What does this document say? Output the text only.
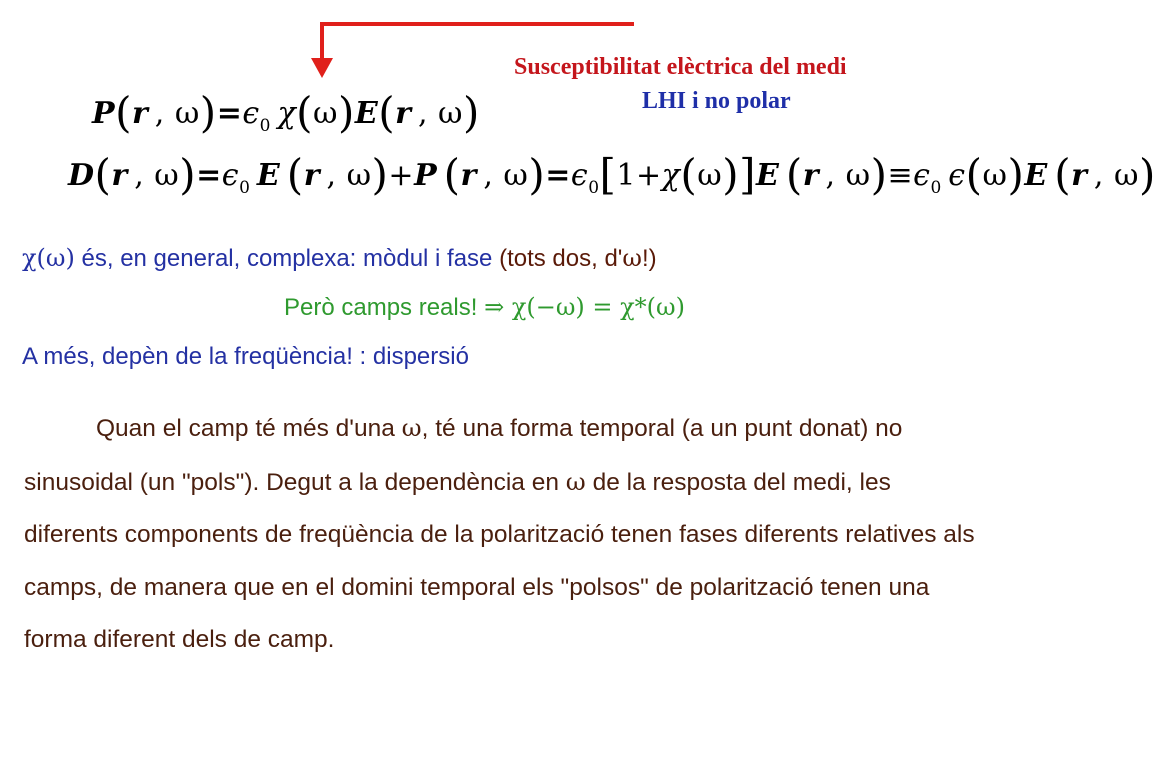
Susceptibilitat elèctrica del medi
LHI i no polar
P(r , $\omega)=\epsilon_0$  χ(ω)E(r , ω)
D(r , $\omega)=\epsilon_0$  E  (r , ω)+P  (r , $\omega)=\epsilon_0[1+\chi(\omega)]E$  (r , $\omega)\equiv\epsilon_0$  ϵ(ω)E  (r , ω)
χ(ω) és, en general, complexa: mòdul i fase (tots dos, d'ω!)
Però camps reals! ⇒ χ(−ω) = χ*(ω)
A més, depèn de la freqüència! : dispersió
Quan el camp té més d'una ω, té una forma temporal (a un punt donat) no sinusoidal (un "pols"). Degut a la dependència en ω de la resposta del medi, les diferents components de freqüència de la polarització tenen fases diferents relatives als camps, de manera que en el domini temporal els "polsos" de polarització tenen una forma diferent dels de camp.
